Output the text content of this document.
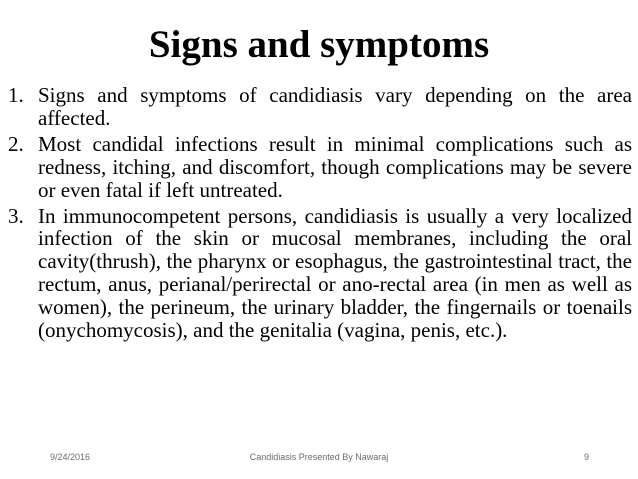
Signs and symptoms
1. Signs and symptoms of candidiasis vary depending on the area affected.
2. Most candidal infections result in minimal complications such as redness, itching, and discomfort, though complications may be severe or even fatal if left untreated.
3. In immunocompetent persons, candidiasis is usually a very localized infection of the skin or mucosal membranes, including the oral cavity(thrush), the pharynx or esophagus, the gastrointestinal tract, the rectum, anus, perianal/perirectal or ano-rectal area (in men as well as women), the perineum, the urinary bladder, the fingernails or toenails (onychomycosis), and the genitalia (vagina, penis, etc.).
9/24/2016	Candidiasis Presented By Nawaraj	9
